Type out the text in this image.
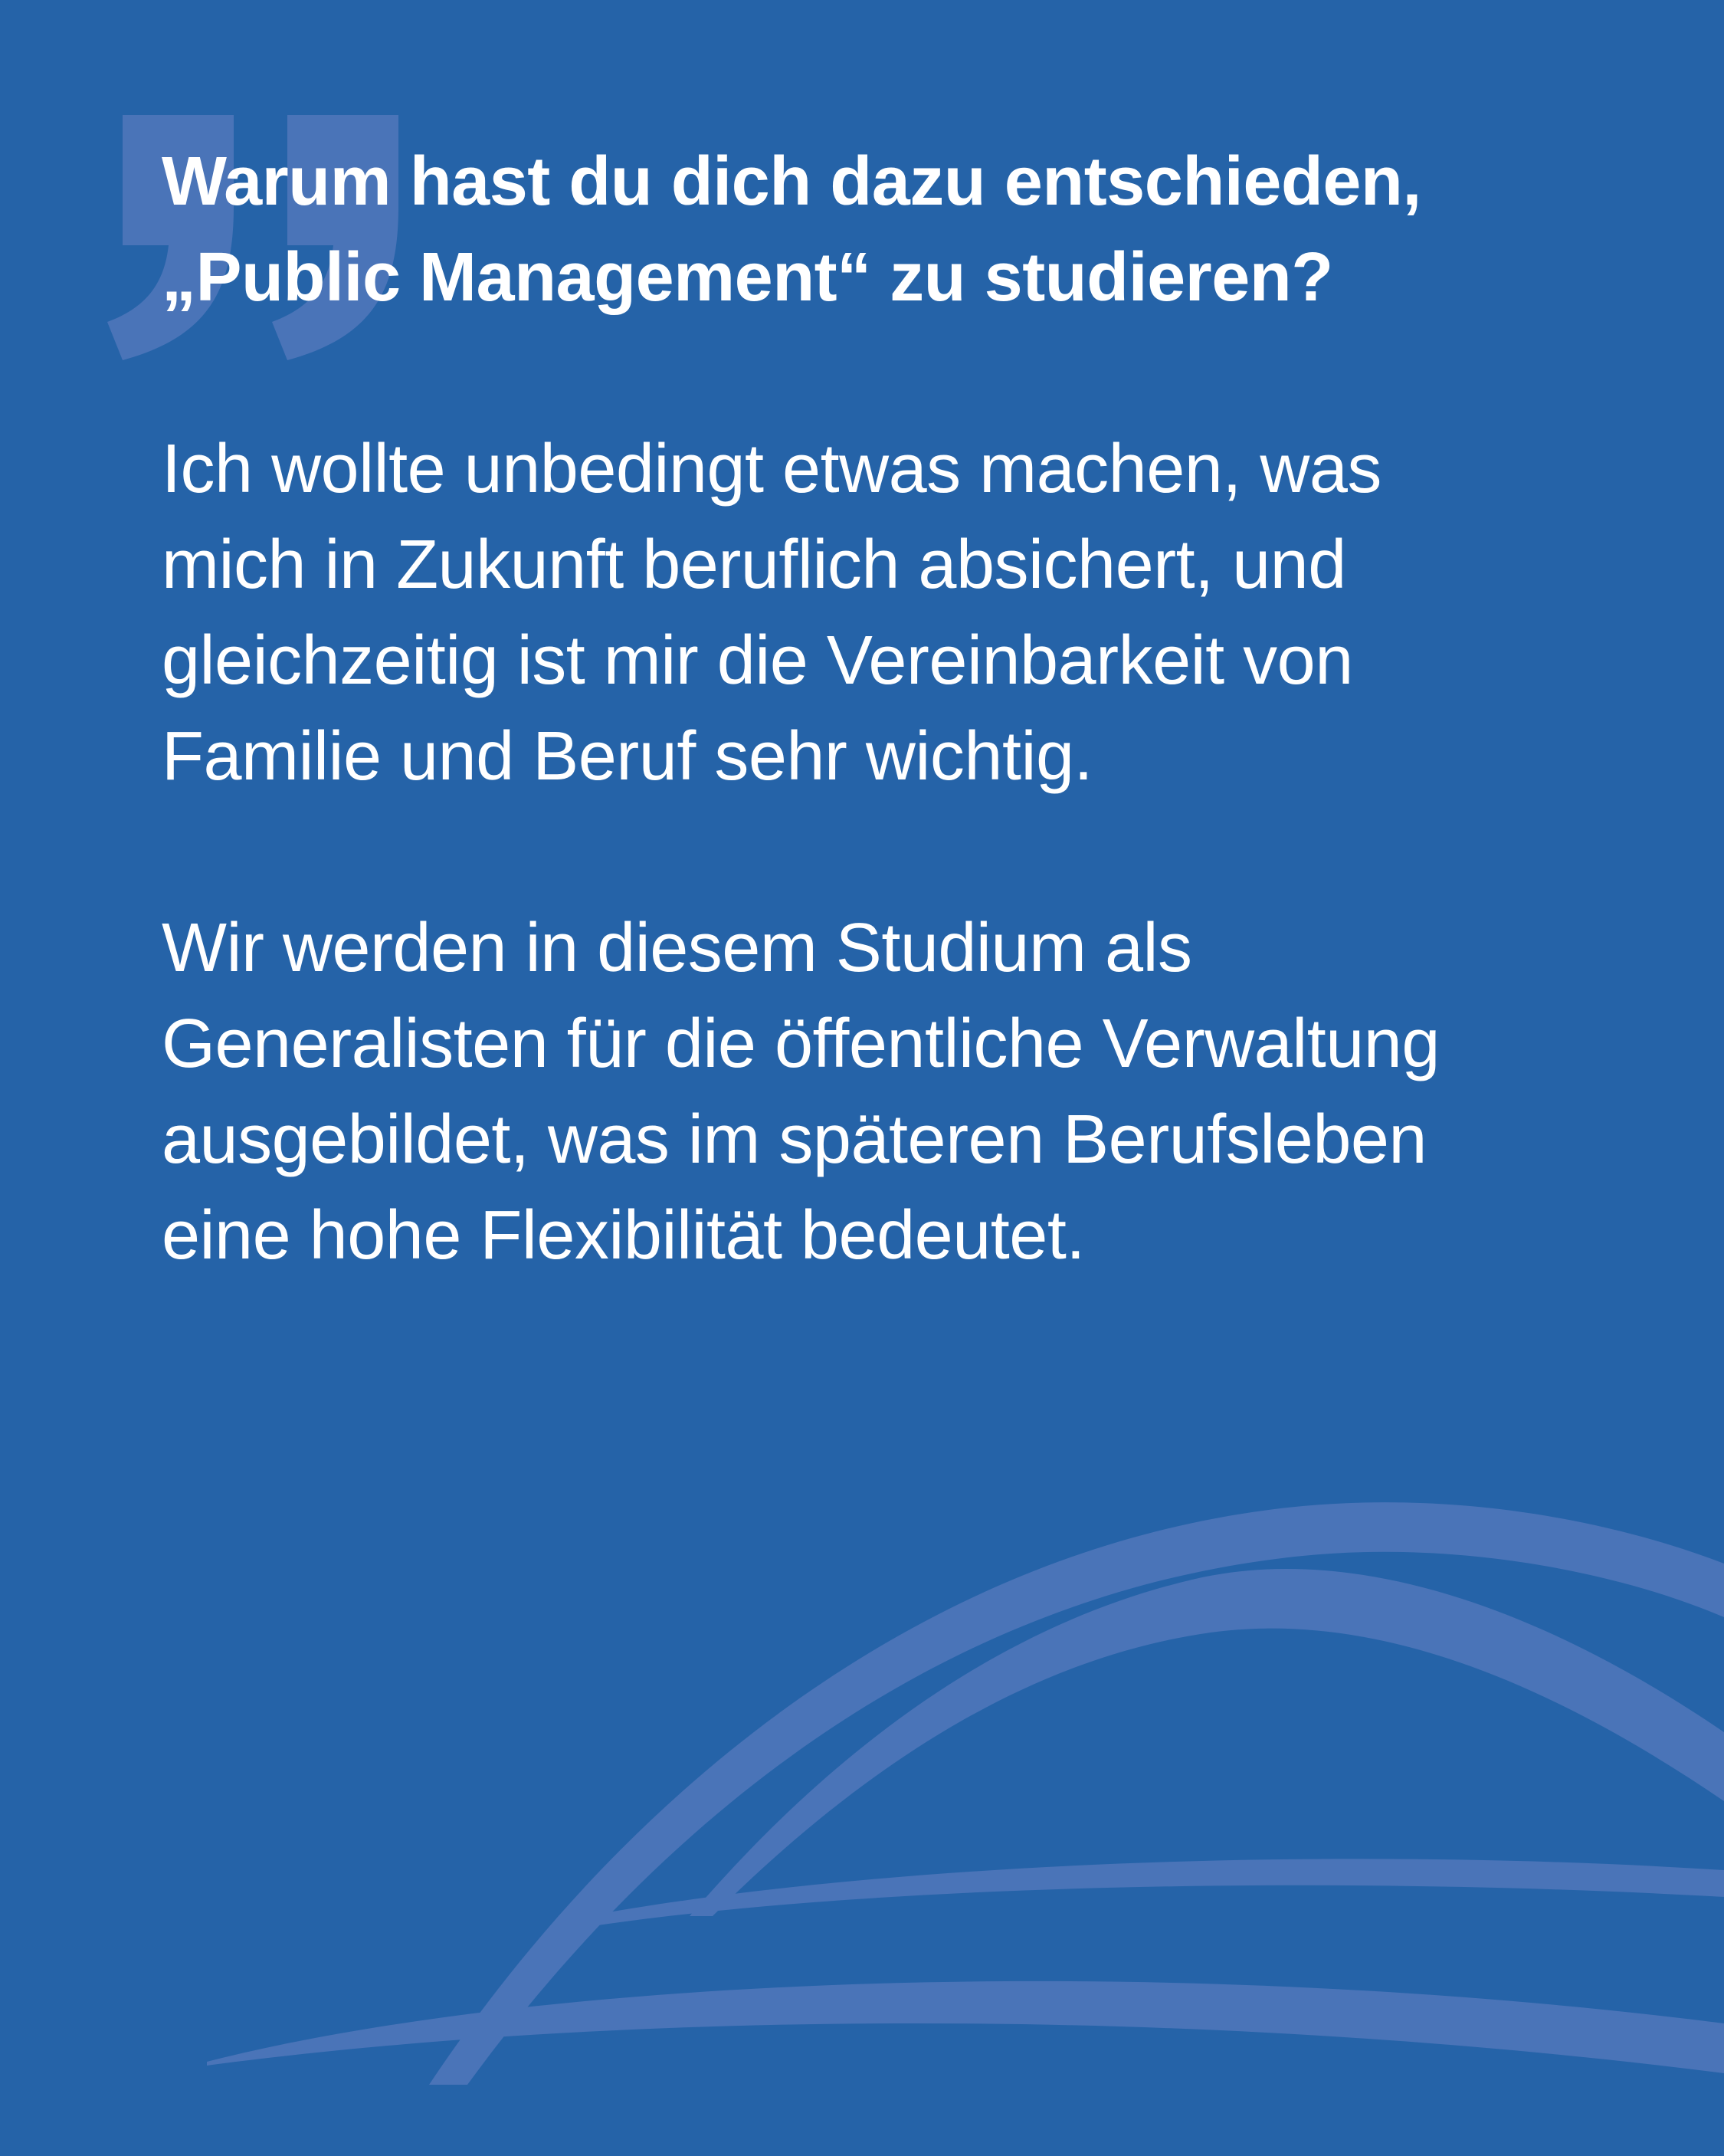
Warum hast du dich dazu entschieden,
„Public Management“ zu studieren?

Ich wollte unbedingt etwas machen, was
mich in Zukunft beruflich absichert, und
gleichzeitig ist mir die Vereinbarkeit von
Familie und Beruf sehr wichtig.

Wir werden in diesem Studium als
Generalisten für die öffentliche Verwaltung
ausgebildet, was im späteren Berufsleben
eine hohe Flexibilität bedeutet.
